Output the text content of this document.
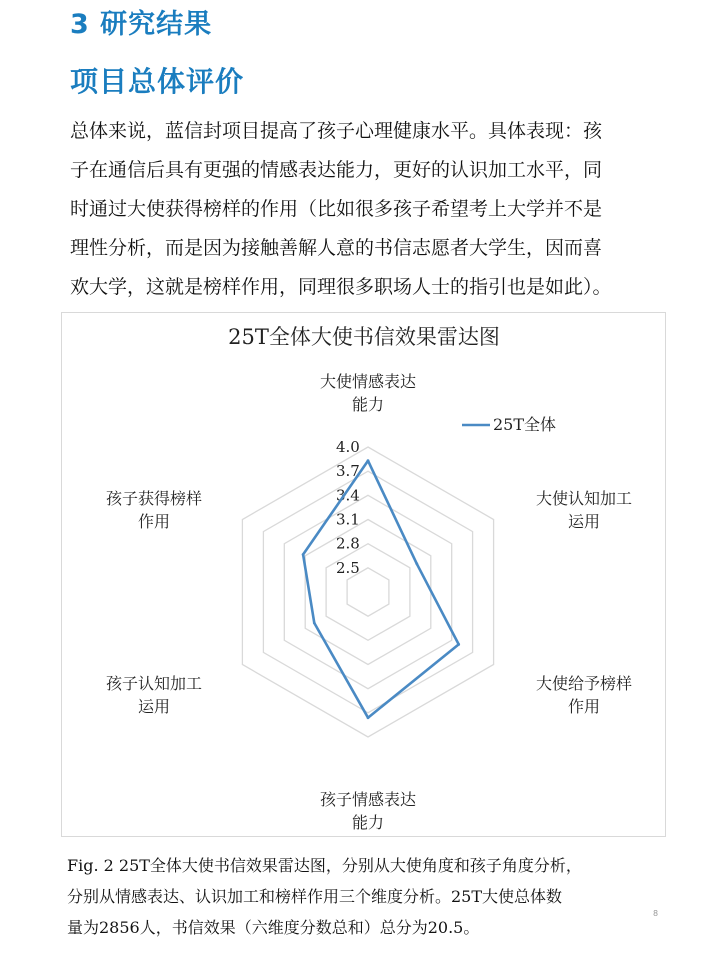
3 研究结果
项目总体评价
总体来说，蓝信封项目提高了孩子心理健康水平。具体表现：孩
子在通信后具有更强的情感表达能力，更好的认识加工水平，同
时通过大使获得榜样的作用（比如很多孩子希望考上大学并不是
理性分析，而是因为接触善解人意的书信志愿者大学生，因而喜
欢大学，这就是榜样作用，同理很多职场人士的指引也是如此）。
25T全体大使书信效果雷达图
2.5
2.8
3.1
3.4
3.7
4.0
大使情感表达
能力
大使认知加工
运用
大使给予榜样
作用
孩子情感表达
能力
孩子认知加工
运用
孩子获得榜样
作用
25T全体
Fig. 2 25T全体大使书信效果雷达图，分别从大使角度和孩子角度分析，
分别从情感表达、认识加工和榜样作用三个维度分析。25T大使总体数
量为2856人，书信效果（六维度分数总和）总分为20.5。
8
